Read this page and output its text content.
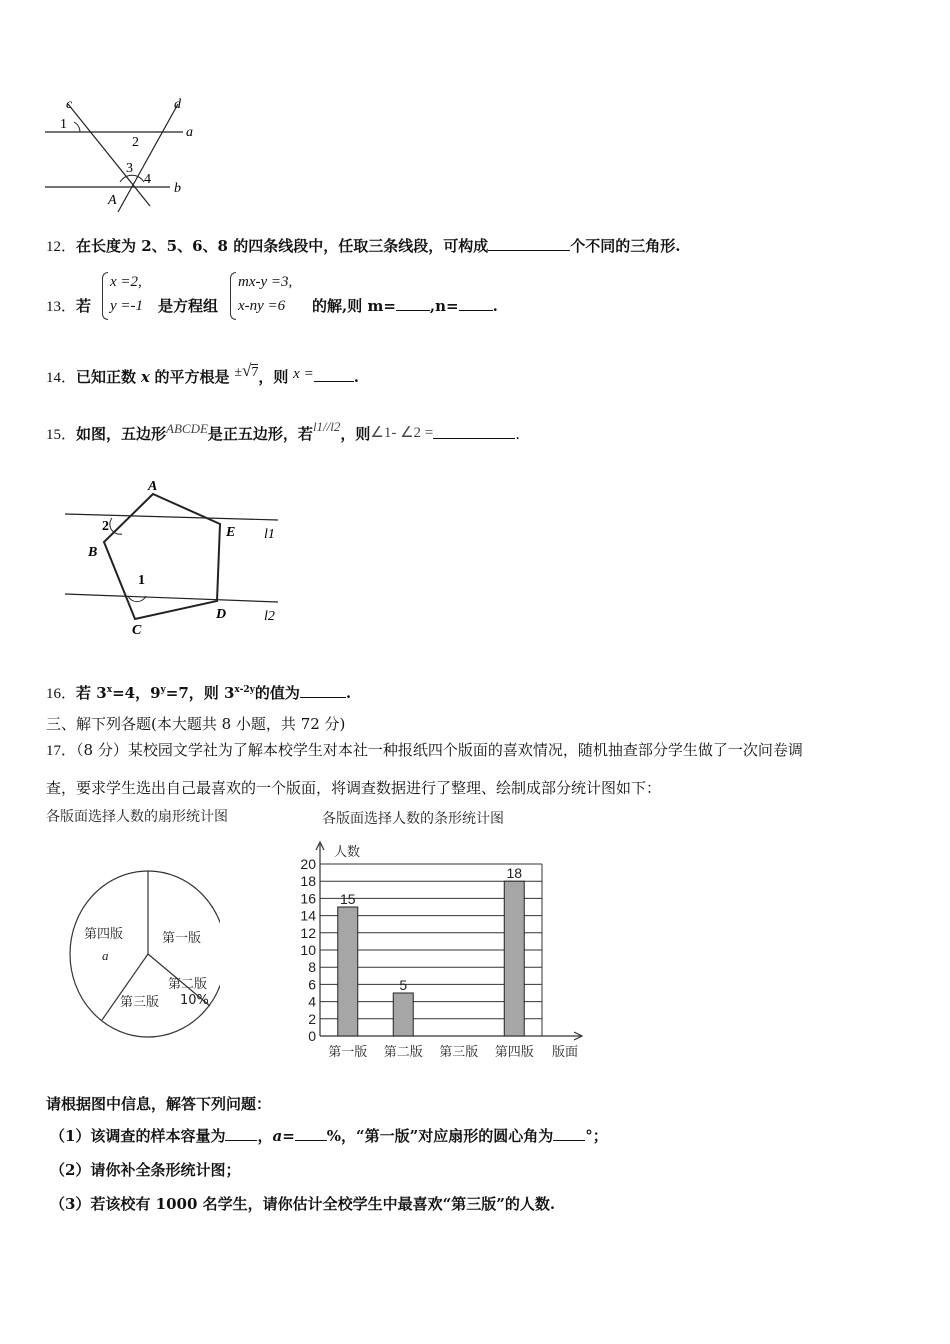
c	d
a
b
A
1
2
3
4
12．在长度为 2、5、6、8 的四条线段中，任取三条线段，可构成	个不同的三角形.
13．若
x =2,
y =-1 是方程组
mx-y =3,
x-ny =6	的解,则 m= ,n= .
14．已知正数 x 的平方根是 ±√7，则 x =	.
15．如图，五边形ABCDE是正五边形，若l1//l2，则∠1- ∠2 =	.
A
B
C
D
E
2
1
l1
l2
16．若 $3^x=4$，$9^y=7$，则 $3^{x-2y}$的值为	.
三、解下列各题(本大题共 8 小题，共 72 分)
17．（8 分）某校园文学社为了解本校学生对本社一种报纸四个版面的喜欢情况，随机抽查部分学生做了一次问卷调
查，要求学生选出自己最喜欢的一个版面，将调查数据进行了整理、绘制成部分统计图如下：
各版面选择人数的扇形统计图
第一版
第二版
10%
第三版
第四版
a
各版面选择人数的条形统计图
0
2
4
6
8
10
12
14
16
18
20
15
第一版
5
第二版 第三版
18
第四版
人数
版面
请根据图中信息，解答下列问题：
（1）该调查的样本容量为 ，a= %，“第一版”对应扇形的圆心角为 °；
（2）请你补全条形统计图；
（3）若该校有 1000 名学生，请你估计全校学生中最喜欢“第三版”的人数.
